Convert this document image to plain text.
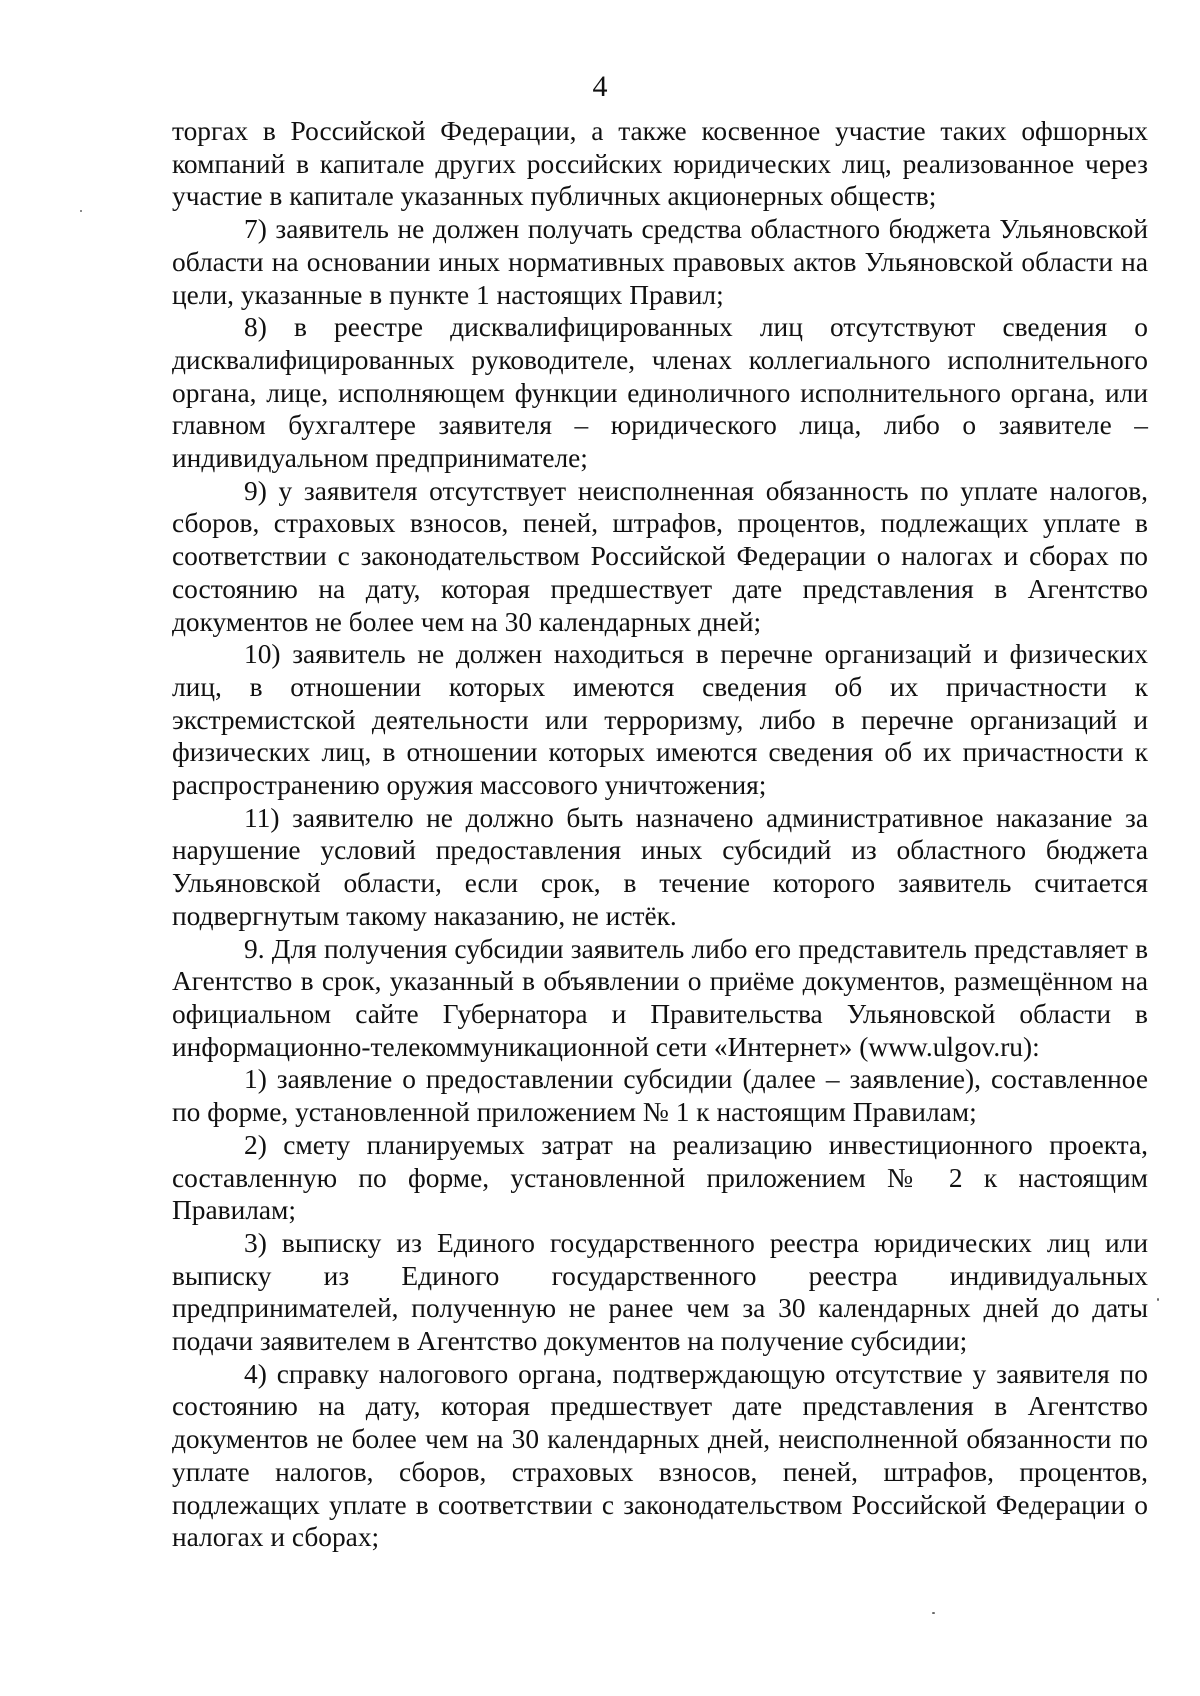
4

торгах в Российской Федерации, а также косвенное участие таких офшорных компаний в капитале других российских юридических лиц, реализованное через участие в капитале указанных публичных акционерных обществ;

7) заявитель не должен получать средства областного бюджета Ульяновской области на основании иных нормативных правовых актов Ульяновской области на цели, указанные в пункте 1 настоящих Правил;

8) в реестре дисквалифицированных лиц отсутствуют сведения о дисквалифицированных руководителе, членах коллегиального исполнительного органа, лице, исполняющем функции единоличного исполнительного органа, или главном бухгалтере заявителя – юридического лица, либо о заявителе – индивидуальном предпринимателе;

9) у заявителя отсутствует неисполненная обязанность по уплате налогов, сборов, страховых взносов, пеней, штрафов, процентов, подлежащих уплате в соответствии с законодательством Российской Федерации о налогах и сборах по состоянию на дату, которая предшествует дате представления в Агентство документов не более чем на 30 календарных дней;

10) заявитель не должен находиться в перечне организаций и физических лиц, в отношении которых имеются сведения об их причастности к экстремистской деятельности или терроризму, либо в перечне организаций и физических лиц, в отношении которых имеются сведения об их причастности к распространению оружия массового уничтожения;

11) заявителю не должно быть назначено административное наказание за нарушение условий предоставления иных субсидий из областного бюджета Ульяновской области, если срок, в течение которого заявитель считается подвергнутым такому наказанию, не истёк.

9. Для получения субсидии заявитель либо его представитель представляет в Агентство в срок, указанный в объявлении о приёме документов, размещённом на официальном сайте Губернатора и Правительства Ульяновской области в информационно-телекоммуникационной сети «Интернет» (www.ulgov.ru):

1) заявление о предоставлении субсидии (далее – заявление), составленное по форме, установленной приложением № 1 к настоящим Правилам;

2) смету планируемых затрат на реализацию инвестиционного проекта, составленную по форме, установленной приложением № 2 к настоящим Правилам;

3) выписку из Единого государственного реестра юридических лиц или выписку из Единого государственного реестра индивидуальных предпринимателей, полученную не ранее чем за 30 календарных дней до даты подачи заявителем в Агентство документов на получение субсидии;

4) справку налогового органа, подтверждающую отсутствие у заявителя по состоянию на дату, которая предшествует дате представления в Агентство документов не более чем на 30 календарных дней, неисполненной обязанности по уплате налогов, сборов, страховых взносов, пеней, штрафов, процентов, подлежащих уплате в соответствии с законодательством Российской Федерации о налогах и сборах;
